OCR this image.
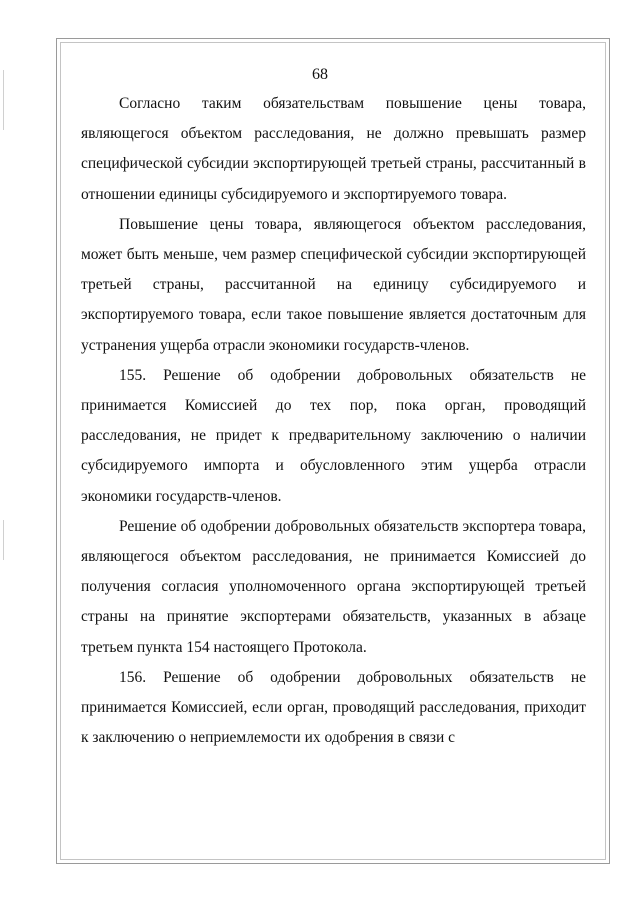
68

Согласно таким обязательствам повышение цены товара, являющегося объектом расследования, не должно превышать размер специфической субсидии экспортирующей третьей страны, рассчитанный в отношении единицы субсидируемого и экспортируемого товара.

Повышение цены товара, являющегося объектом расследования, может быть меньше, чем размер специфической субсидии экспортирующей третьей страны, рассчитанной на единицу субсидируемого и экспортируемого товара, если такое повышение является достаточным для устранения ущерба отрасли экономики государств-членов.

155. Решение об одобрении добровольных обязательств не принимается Комиссией до тех пор, пока орган, проводящий расследования, не придет к предварительному заключению о наличии субсидируемого импорта и обусловленного этим ущерба отрасли экономики государств-членов.

Решение об одобрении добровольных обязательств экспортера товара, являющегося объектом расследования, не принимается Комиссией до получения согласия уполномоченного органа экспортирующей третьей страны на принятие экспортерами обязательств, указанных в абзаце третьем пункта 154 настоящего Протокола.

156. Решение об одобрении добровольных обязательств не принимается Комиссией, если орган, проводящий расследования, приходит к заключению о неприемлемости их одобрения в связи с
